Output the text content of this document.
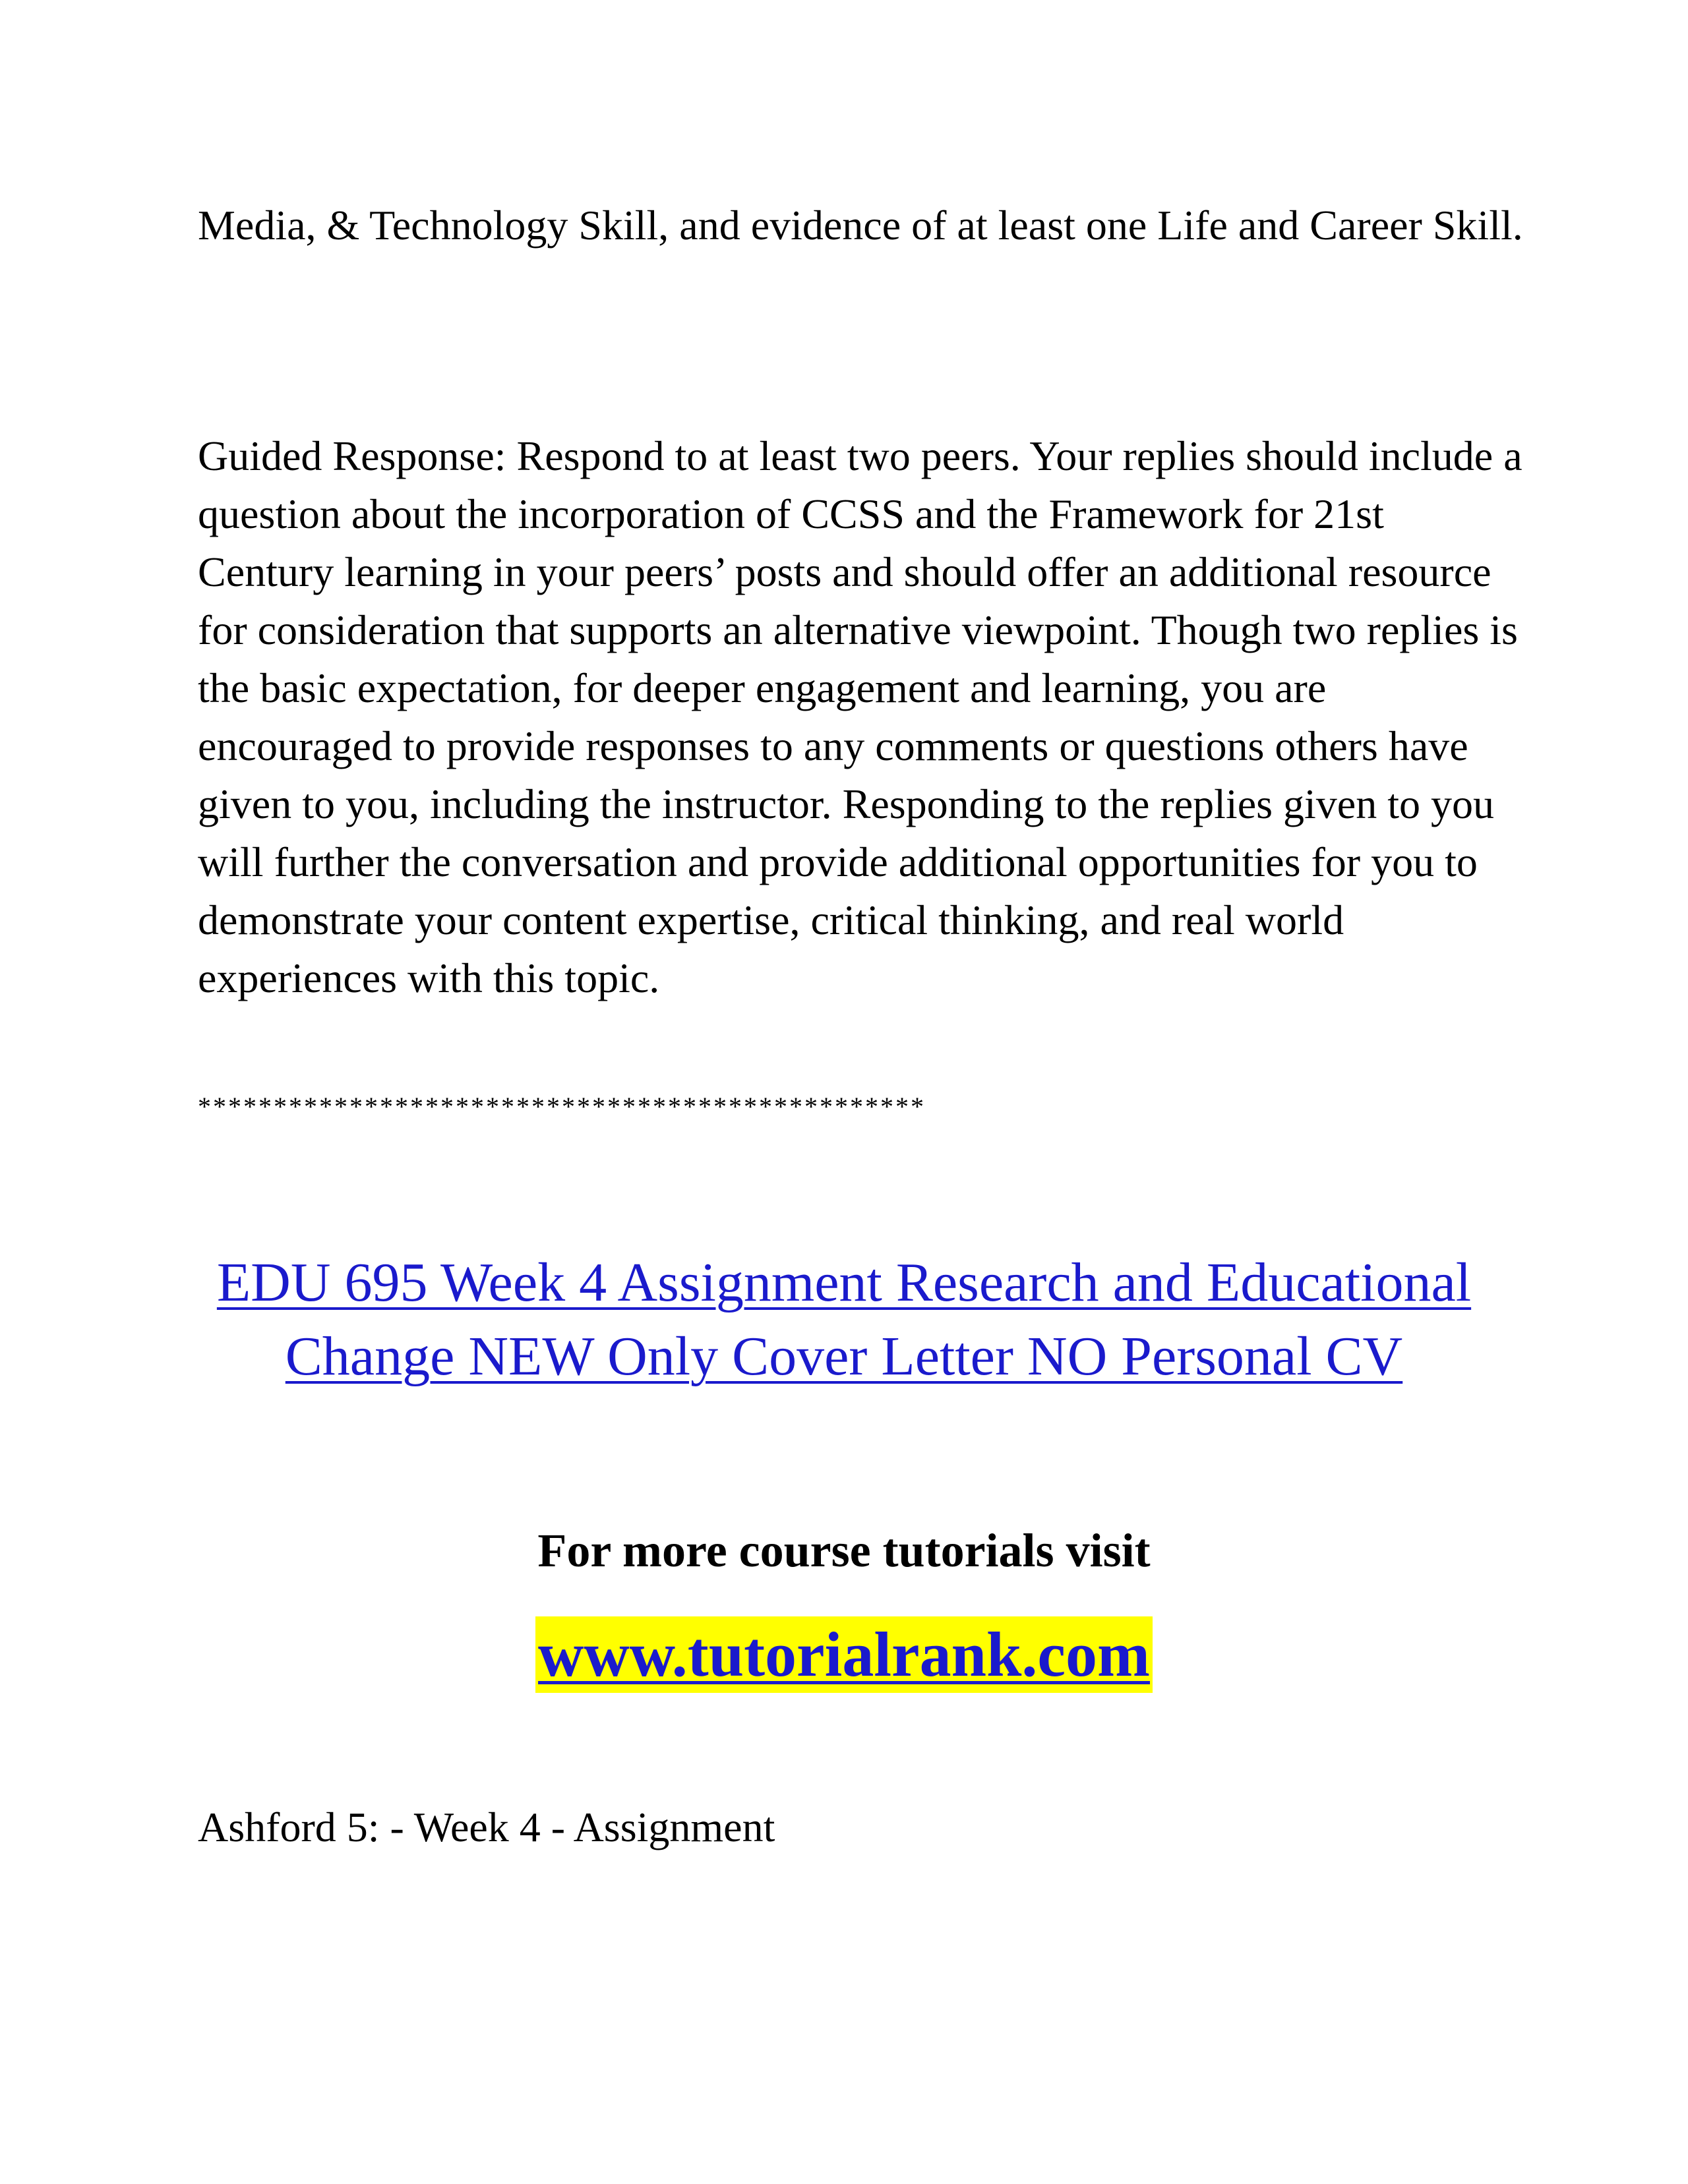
Media, & Technology Skill, and evidence of at least one Life and Career Skill.

Guided Response: Respond to at least two peers. Your replies should include a question about the incorporation of CCSS and the Framework for 21st Century learning in your peers’ posts and should offer an additional resource for consideration that supports an alternative viewpoint. Though two replies is the basic expectation, for deeper engagement and learning, you are encouraged to provide responses to any comments or questions others have given to you, including the instructor. Responding to the replies given to you will further the conversation and provide additional opportunities for you to demonstrate your content expertise, critical thinking, and real world experiences with this topic.

************************************************

EDU 695 Week 4 Assignment Research and Educational Change NEW Only Cover Letter NO Personal CV

For more course tutorials visit

www.tutorialrank.com

Ashford 5: - Week 4 - Assignment
